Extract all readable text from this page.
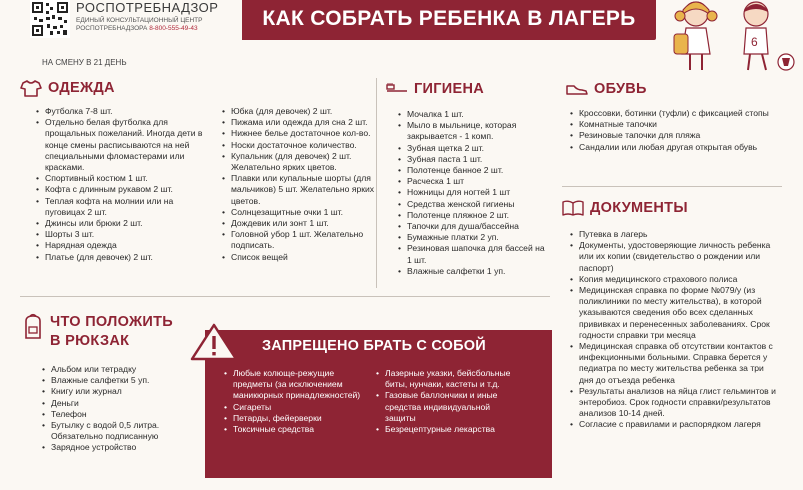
РОСПОТРЕБНАДЗОР
ЕДИНЫЙ КОНСУЛЬТАЦИОННЫЙ ЦЕНТР РОСПОТРЕБНАДЗОРА 8-800-555-49-43	КАК СОБРАТЬ РЕБЕНКА В ЛАГЕРЬ
НА СМЕНУ В 21 ДЕНЬ
6
ОДЕЖДА
• Футболка 7-8 шт.
• Отдельно белая футболка для прощальных пожеланий. Иногда дети в конце смены расписываются на ней специальными фломастерами или красками.
• Спортивный костюм 1 шт.
• Кофта с длинным рукавом 2 шт.
• Теплая кофта на молнии или на пуговицах 2 шт.
• Джинсы или брюки 2 шт.
• Шорты 3 шт.
• Нарядная одежда
• Платье (для девочек) 2 шт.
• Юбка (для девочек) 2 шт.
• Пижама или одежда для сна 2 шт.
• Нижнее белье достаточное кол-во.
• Носки достаточное количество.
• Купальник (для девочек) 2 шт. Желательно ярких цветов.
• Плавки или купальные шорты (для мальчиков) 5 шт. Желательно ярких цветов.
• Солнцезащитные очки 1 шт.
• Дождевик или зонт 1 шт.
• Головной убор 1 шт. Желательно подписать.
• Список вещей
ГИГИЕНА
• Мочалка 1 шт.
• Мыло в мыльнице, которая закрывается - 1 комп.
• Зубная щетка 2 шт.
• Зубная паста 1 шт.
• Полотенце банное 2 шт.
• Расческа 1 шт
• Ножницы для ногтей 1 шт
• Средства женской гигиены
• Полотенце пляжное 2 шт.
• Тапочки для душа/бассейна
• Бумажные платки 2 уп.
• Резиновая шапочка для бассей на 1 шт.
• Влажные салфетки 1 уп.
ОБУВЬ
• Кроссовки, ботинки (туфли) с фиксацией стопы
• Комнатные тапочки
• Резиновые тапочки для пляжа
• Сандалии или любая другая открытая обувь
ДОКУМЕНТЫ
• Путевка в лагерь
• Документы, удостоверяющие личность ребенка или их копии (свидетельство о рождении или паспорт)
• Копия медицинского страхового полиса
• Медицинская справка по форме №079/у (из поликлиники по месту жительства), в которой указываются сведения обо всех сделанных прививках и перенесенных заболеваниях. Срок годности справки три месяца
• Медицинская справка об отсутствии контактов с инфекционными больными. Справка берется у педиатра по месту жительства ребенка за три дня до отъезда ребенка
• Результаты анализов на яйца глист гельминтов и энтеробиоз. Срок годности справки/результатов анализов 10-14 дней.
• Согласие с правилами и распорядком лагеря
ЧТО ПОЛОЖИТЬ
В РЮКЗАК
• Альбом или тетрадку
• Влажные салфетки 5 уп.
• Книгу или журнал
• Деньги
• Телефон
• Бутылку с водой 0,5 литра. Обязательно подписанную
• Зарядное устройство
ЗАПРЕЩЕНО БРАТЬ С СОБОЙ
• Любые колюще-режущие предметы (за исключением маникюрных принадлежностей)
• Сигареты
• Петарды, фейерверки
• Токсичные средства
• Лазерные указки, бейсбольные биты, нунчаки, кастеты и т.д.
• Газовые баллончики и иные средства индивидуальной защиты
• Безрецептурные лекарства
